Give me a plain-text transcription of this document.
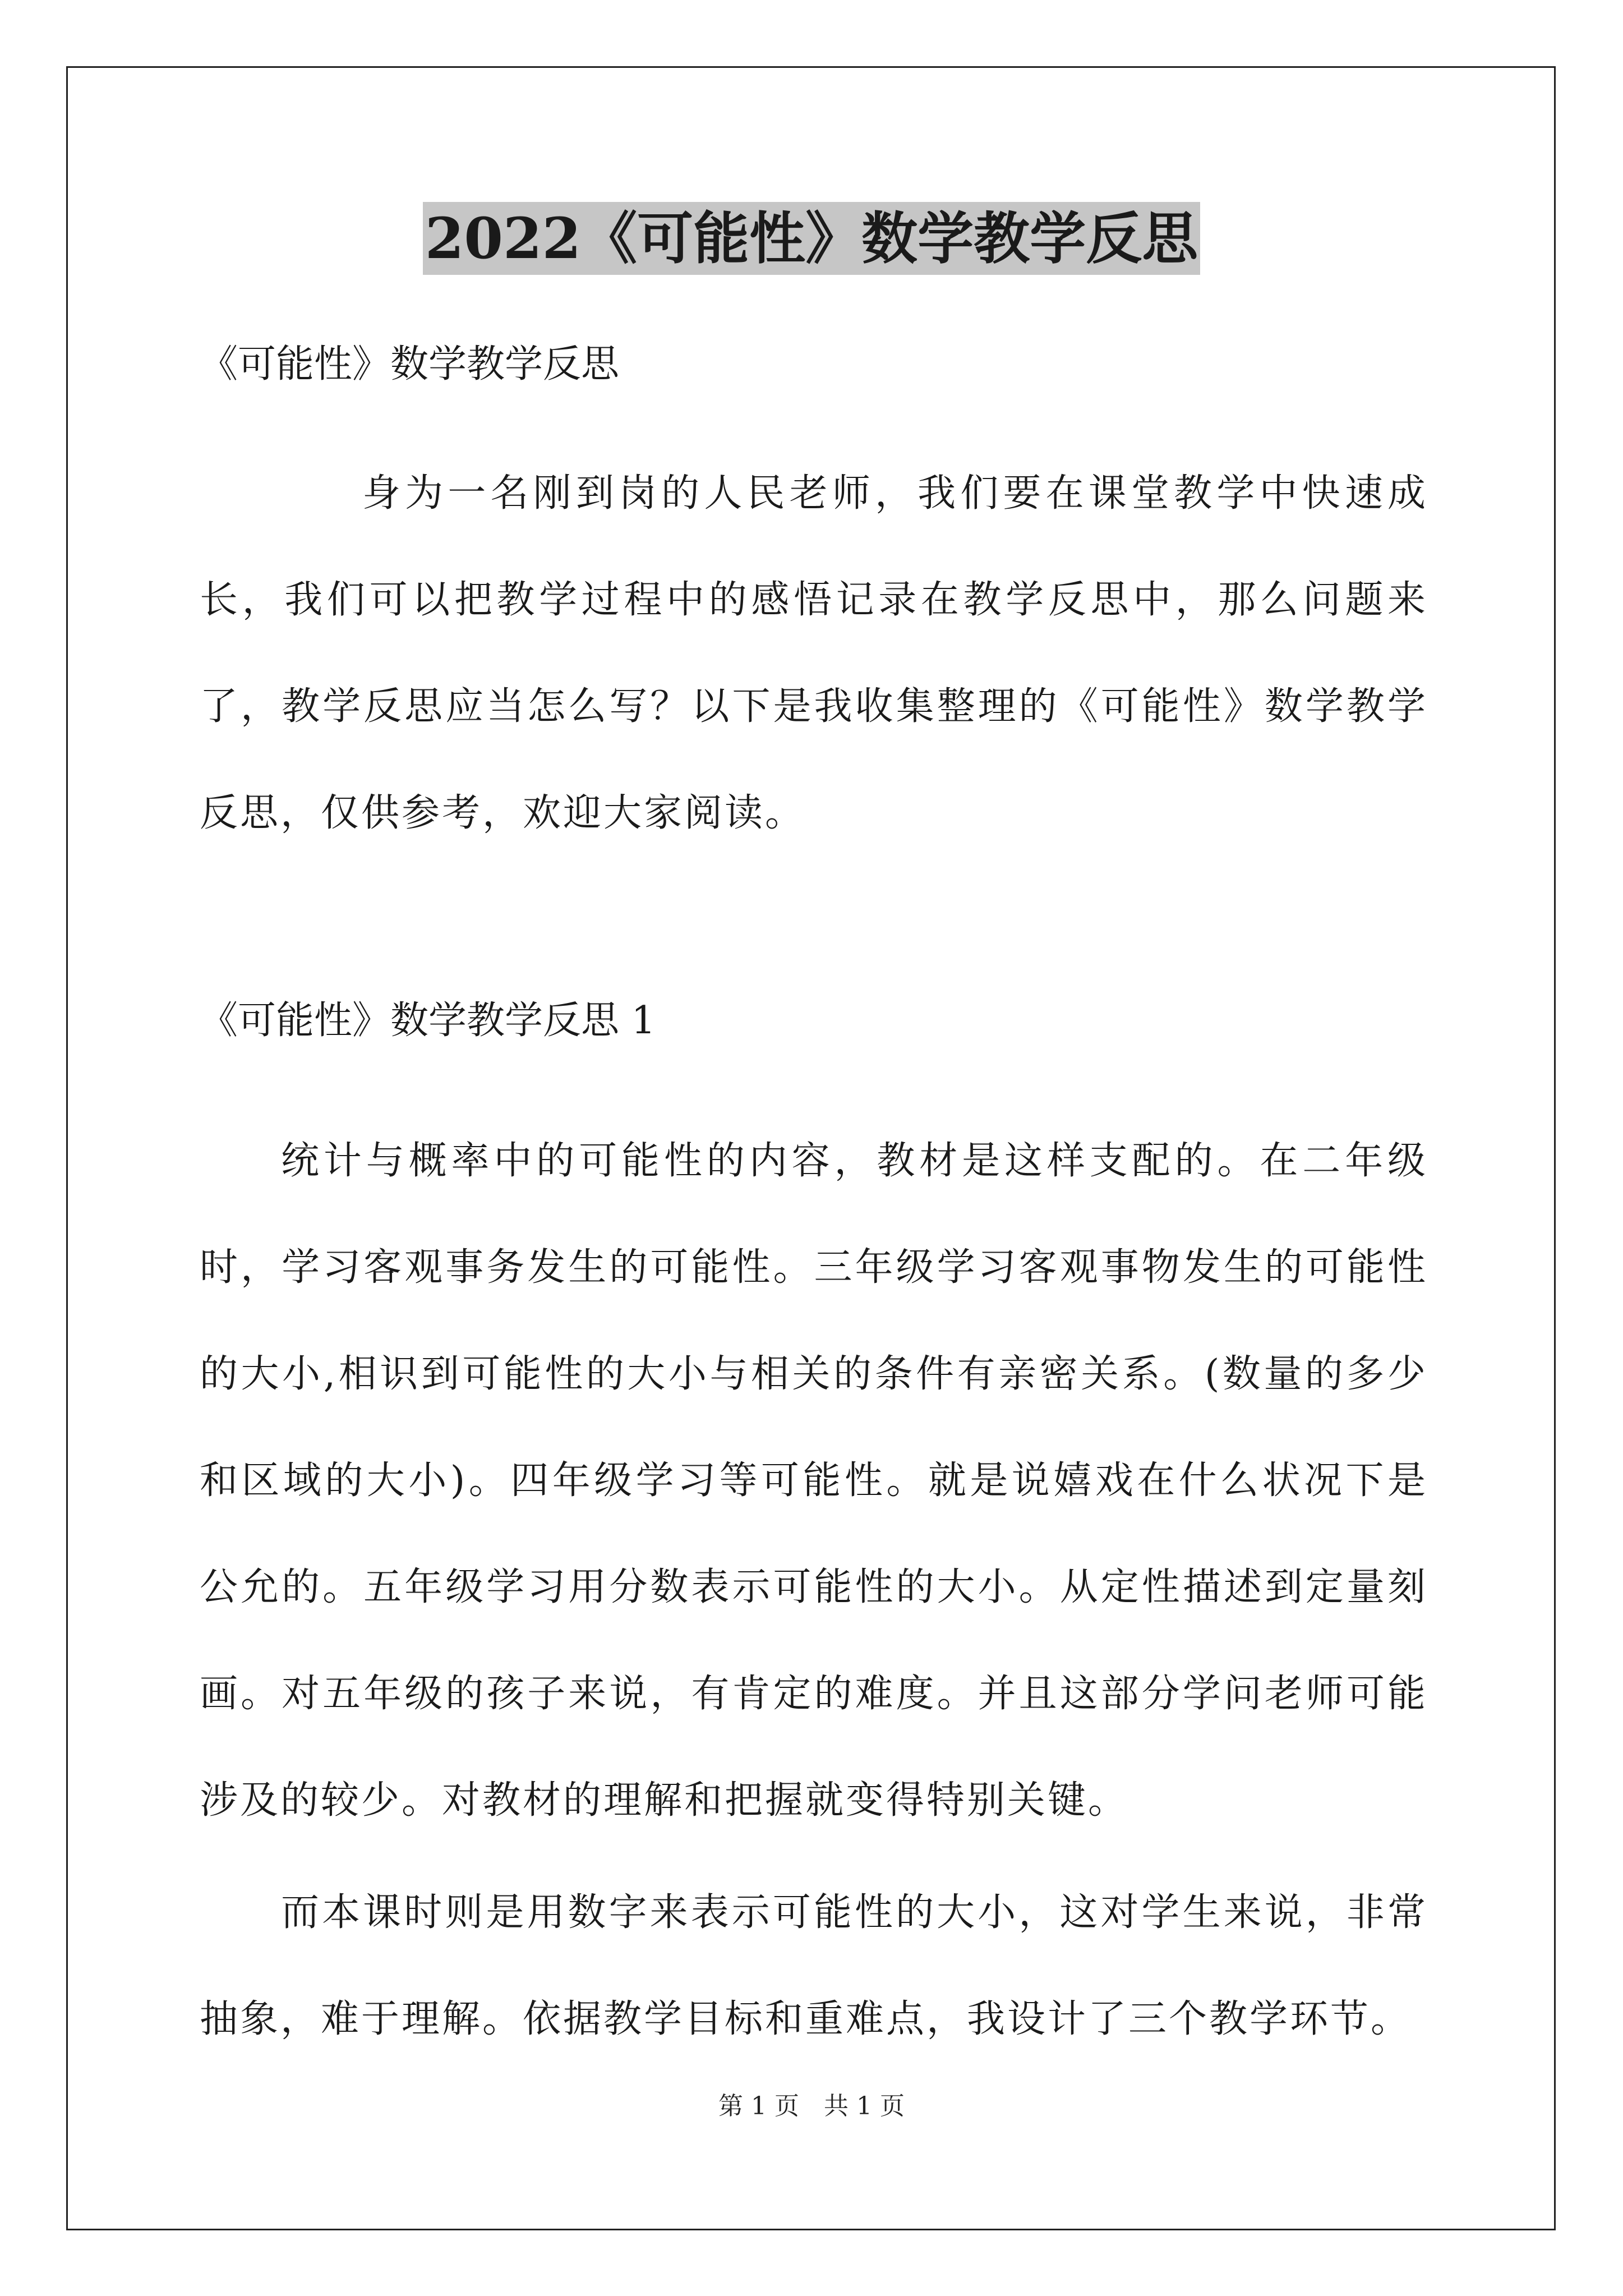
2022《可能性》数学教学反思

《可能性》数学教学反思

身为一名刚到岗的人民老师，我们要在课堂教学中快速成长，我们可以把教学过程中的感悟记录在教学反思中，那么问题来了，教学反思应当怎么写？以下是我收集整理的《可能性》数学教学反思，仅供参考，欢迎大家阅读。

《可能性》数学教学反思 1

统计与概率中的可能性的内容，教材是这样支配的。在二年级时，学习客观事务发生的可能性。三年级学习客观事物发生的可能性的大小,相识到可能性的大小与相关的条件有亲密关系。(数量的多少和区域的大小)。四年级学习等可能性。就是说嬉戏在什么状况下是公允的。五年级学习用分数表示可能性的大小。从定性描述到定量刻画。对五年级的孩子来说，有肯定的难度。并且这部分学问老师可能涉及的较少。对教材的理解和把握就变得特别关键。

而本课时则是用数字来表示可能性的大小，这对学生来说，非常抽象，难于理解。依据教学目标和重难点，我设计了三个教学环节。

第 1 页　共 1 页
